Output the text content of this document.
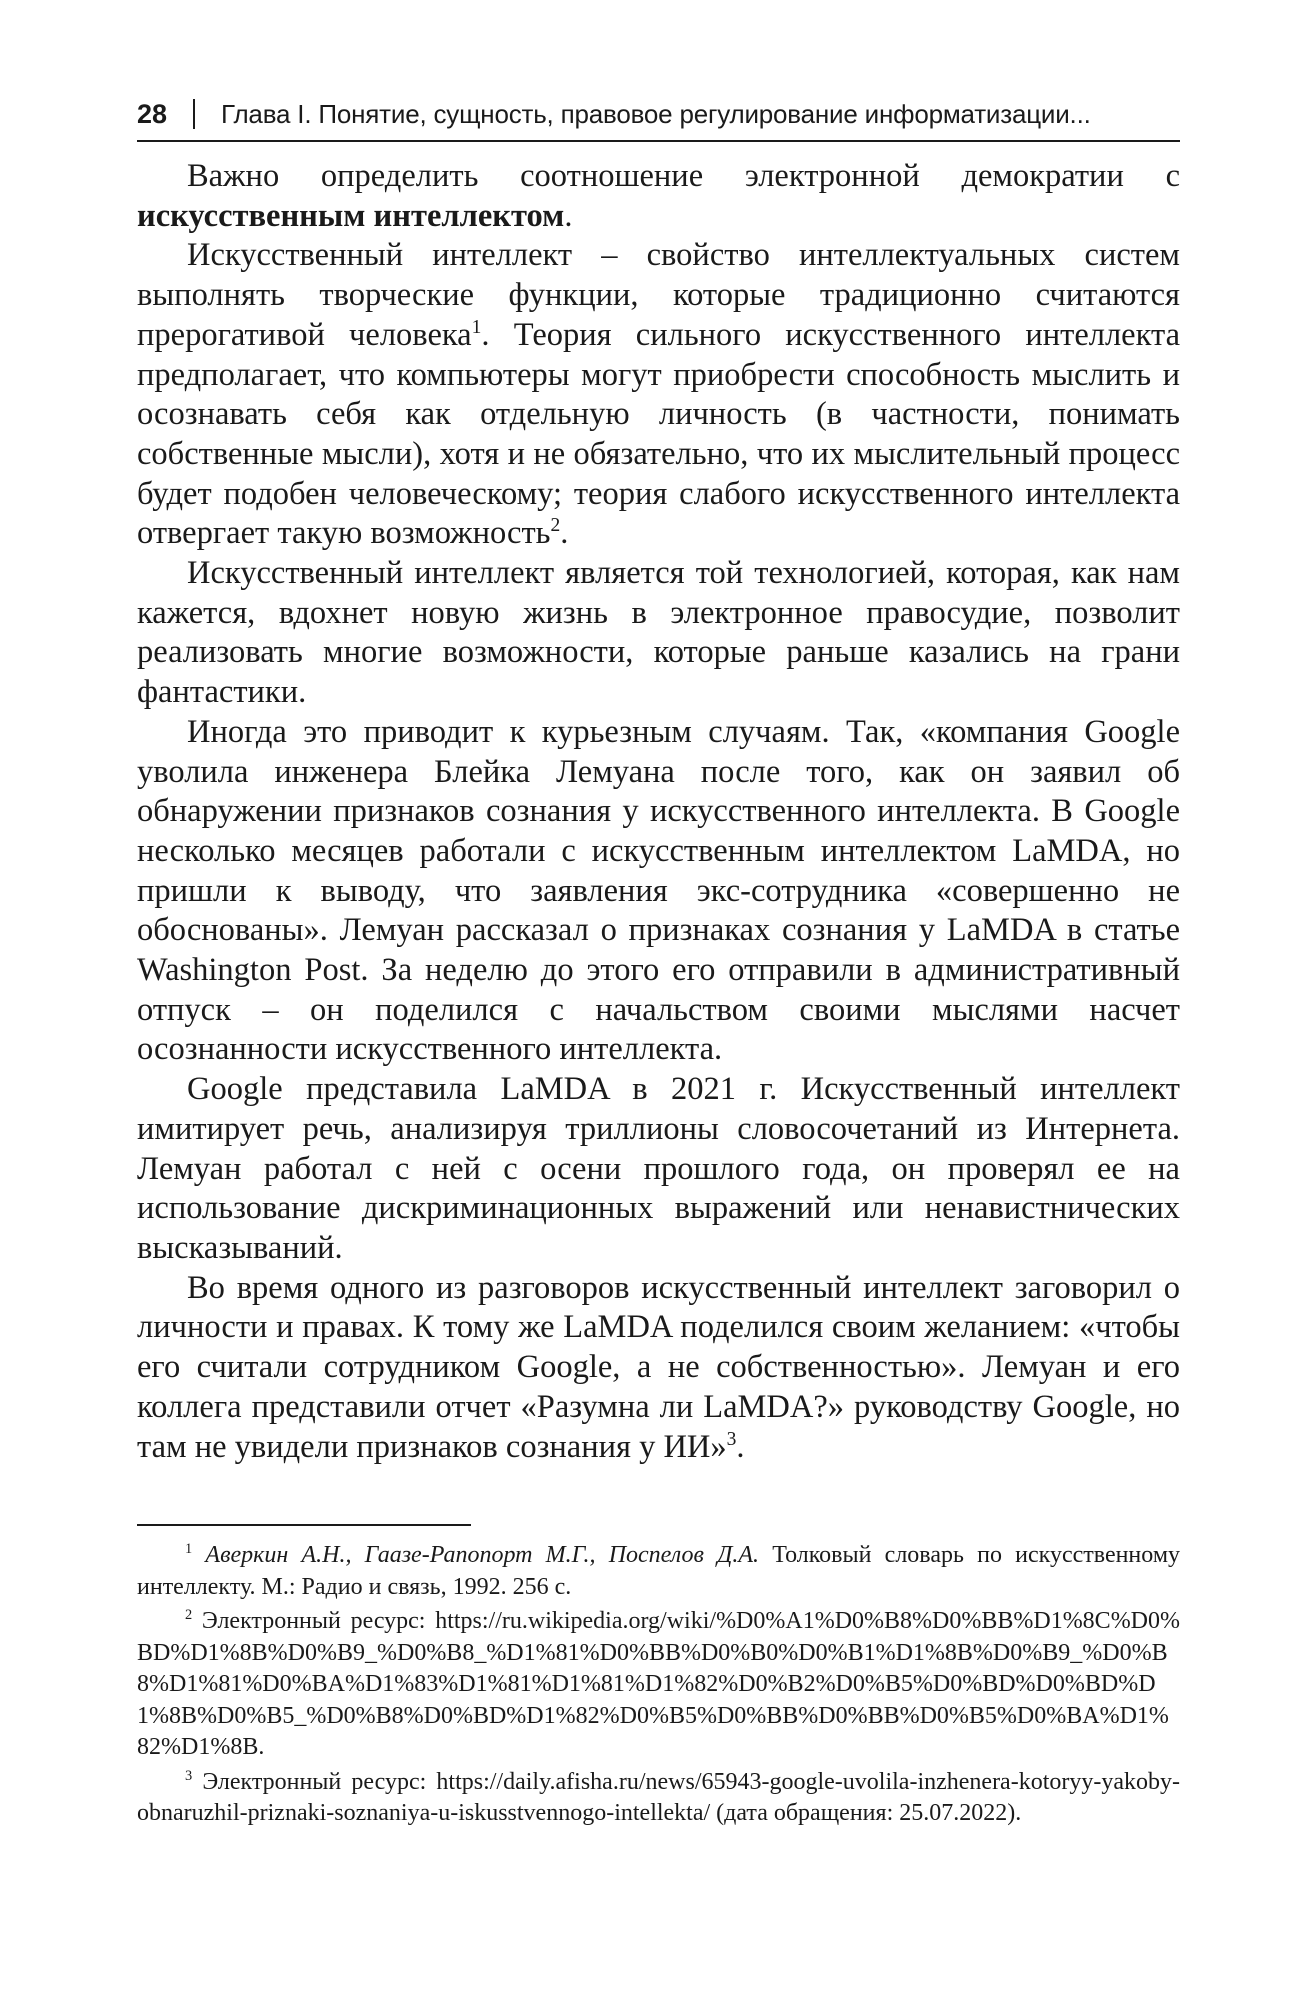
28 Глава I. Понятие, сущность, правовое регулирование информатизации...

Важно определить соотношение электронной демократии с искусственным интеллектом.

Искусственный интеллект – свойство интеллектуальных систем выполнять творческие функции, которые традиционно считаются прерогативой человека$^1$. Теория сильного искусственного интеллекта предполагает, что компьютеры могут приобрести способность мыслить и осознавать себя как отдельную личность (в частности, понимать собственные мысли), хотя и не обязательно, что их мыслительный процесс будет подобен человеческому; теория слабого искусственного интеллекта отвергает такую возможность$^2$.

Искусственный интеллект является той технологией, которая, как нам кажется, вдохнет новую жизнь в электронное правосудие, позволит реализовать многие возможности, которые раньше казались на грани фантастики.

Иногда это приводит к курьезным случаям. Так, «компания Google уволила инженера Блейка Лемуана после того, как он заявил об обнаружении признаков сознания у искусственного интеллекта. В Google несколько месяцев работали с искусственным интеллектом LaMDA, но пришли к выводу, что заявления экс-сотрудника «совершенно не обоснованы». Лемуан рассказал о признаках сознания у LaMDA в статье Washington Post. За неделю до этого его отправили в административный отпуск – он поделился с начальством своими мыслями насчет осознанности искусственного интеллекта.

Google представила LaMDA в 2021 г. Искусственный интеллект имитирует речь, анализируя триллионы словосочетаний из Интернета. Лемуан работал с ней с осени прошлого года, он проверял ее на использование дискриминационных выражений или ненавистнических высказываний.

Во время одного из разговоров искусственный интеллект заговорил о личности и правах. К тому же LaMDA поделился своим желанием: «чтобы его считали сотрудником Google, а не собственностью». Лемуан и его коллега представили отчет «Разумна ли LaMDA?» руководству Google, но там не увидели признаков сознания у ИИ»$^3$.

$^1$ Аверкин А.Н., Гаазе-Рапопорт М.Г., Поспелов Д.А. Толковый словарь по искусственному интеллекту. М.: Радио и связь, 1992. 256 с.

$^2$ Электронный ресурс: https://ru.wikipedia.org/wiki/%D0%A1%D0%B8%D0%BB%D1%8C%D0%BD%D1%8B%D0%B9_%D0%B8_%D1%81%D0%BB%D0%B0%D0%B1%D1%8B%D0%B9_%D0%B8%D1%81%D0%BA%D1%83%D1%81%D1%81%D1%82%D0%B2%D0%B5%D0%BD%D0%BD%D1%8B%D0%B5_%D0%B8%D0%BD%D1%82%D0%B5%D0%BB%D0%BB%D0%B5%D0%BA%D1%82%D1%8B.

$^3$ Электронный ресурс: https://daily.afisha.ru/news/65943-google-uvolila-inzhenera-kotoryy-yakoby-obnaruzhil-priznaki-soznaniya-u-iskusstvennogo-intellekta/ (дата обращения: 25.07.2022).
